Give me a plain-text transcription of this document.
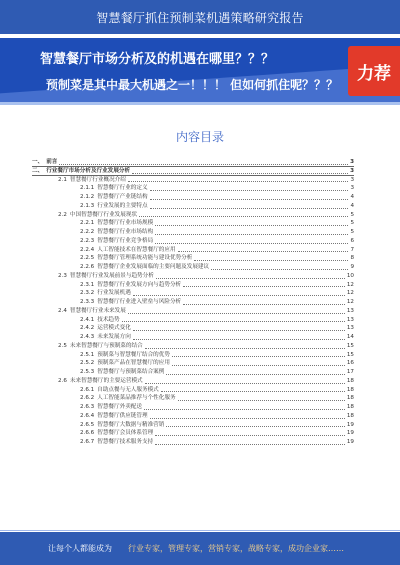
智慧餐厅抓住预制菜机遇策略研究报告
智慧餐厅市场分析及的机遇在哪里？？？
预制菜是其中最大机遇之一！！！ 但如何抓住呢？？？
力荐
内容目录
一、 前言	3
二、 行业餐厅市场分析及行业发展分析	3
2.1 智慧餐厅行业概况介绍	3
2.1.1 智慧餐厅行业的定义	3
2.1.2 智慧餐厅产业链结构	4
2.1.3 行业发展的主要特点	4
2.2 中国智慧餐厅行业发展现状	5
2.2.1 智慧餐厅行业市场规模	5
2.2.2 智慧餐厅行业市场结构	5
2.2.3 智慧餐厅行业竞争格局	6
2.2.4 人工智能技术在智慧餐厅的应用	7
2.2.5 智慧餐厅管理系统功能与建设优势分析	8
2.2.6 智慧餐厅企业发展面临的主要问题及发展建议	9
2.3 智慧餐厅行业发展前景与趋势分析	10
2.3.1 智慧餐厅行业发展方向与趋势分析	12
2.3.2 行业发展机遇	12
2.3.3 智慧餐厅行业进入壁垒与风险分析	12
2.4 智慧餐厅行业未来发展	13
2.4.1 技术趋势	13
2.4.2 运营模式变化	13
2.4.3 未来发展方向	14
2.5 未来智慧餐厅与预制菜的结合	15
2.5.1 预制菜与智慧餐厅结合的优势	15
2.5.2 预制菜产品在智慧餐厅的应用	16
2.5.3 智慧餐厅与预制菜结合案例	17
2.6 未来智慧餐厅的主要运营模式	18
2.6.1 自助点餐与无人服务模式	18
2.6.2 人工智能菜品推荐与个性化服务	18
2.6.3 智慧餐厅外卖配送	18
2.6.4 智慧餐厅供应链管理	18
2.6.5 智慧餐厅大数据与精准营销	19
2.6.6 智慧餐厅会员体系管理	19
2.6.7 智慧餐厅技术服务支持	19
让每个人都能成为 行业专家，管理专家，营销专家，战略专家，成功企业家……
